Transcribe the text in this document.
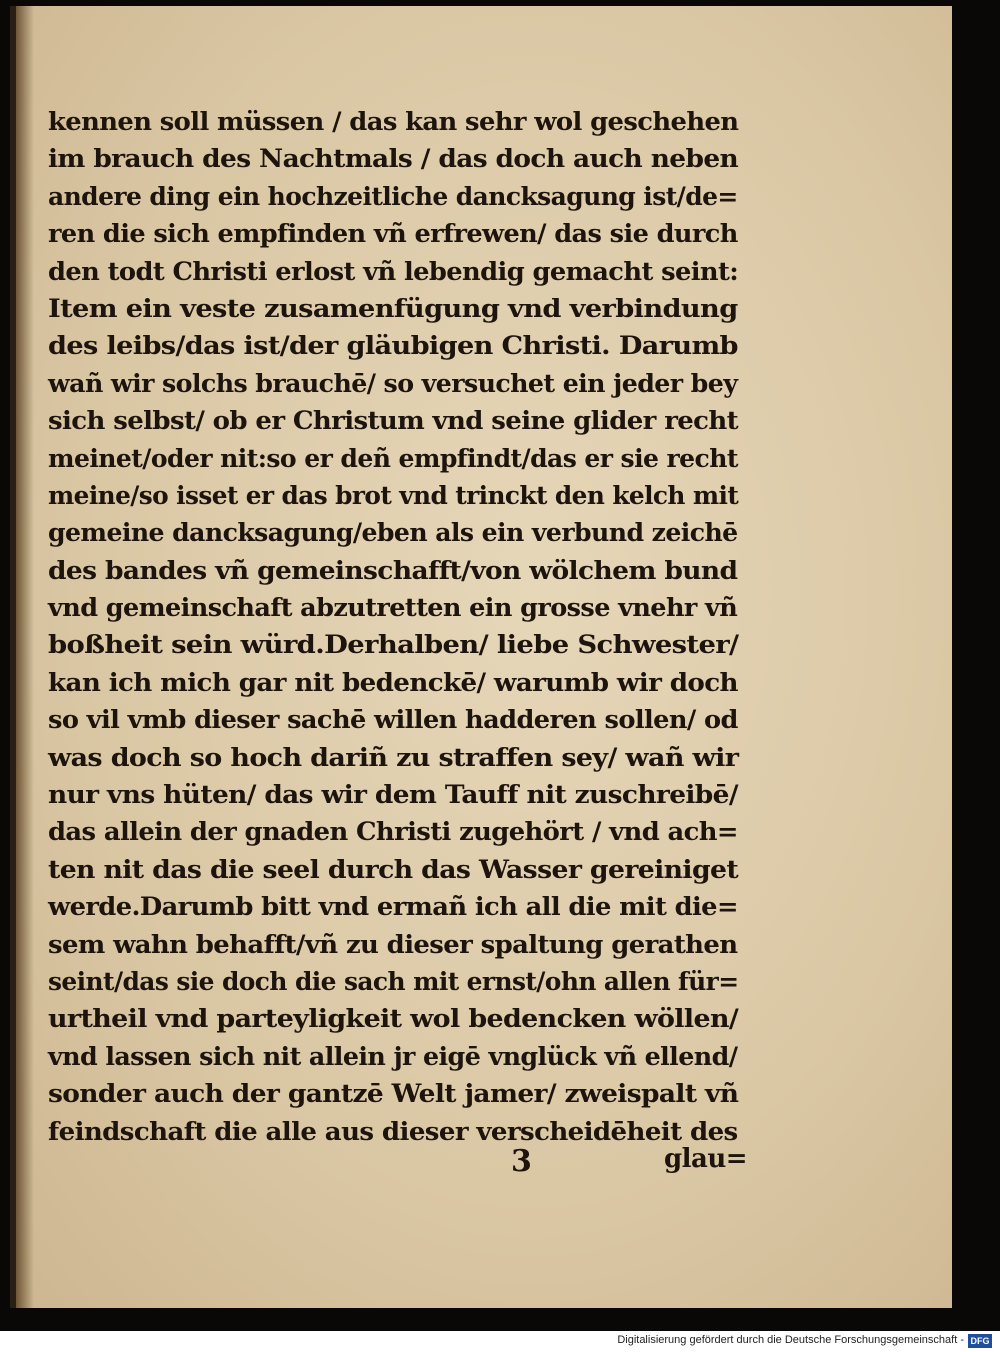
kennen soll müssen / das kan sehr wol geschehen
im brauch des Nachtmals / das doch auch neben
andere ding ein hochzeitliche dancksagung ist/de=
ren die sich empfinden vñ erfrewen/ das sie durch
den todt Christi erlost vñ lebendig gemacht seint:
Item ein veste zusamenfügung vnd verbindung
des leibs/das ist/der gläubigen Christi. Darumb
wañ wir solchs brauchē/ so versuchet ein jeder bey
sich selbst/ ob er Christum vnd seine glider recht
meinet/oder nit:so er deñ empfindt/das er sie recht
meine/so isset er das brot vnd trinckt den kelch mit
gemeine dancksagung/eben als ein verbund zeichē
des bandes vñ gemeinschafft/von wölchem bund
vnd gemeinschaft abzutretten ein grosse vnehr vñ
boßheit sein würd.Derhalben/ liebe Schwester/
kan ich mich gar nit bedenckē/ warumb wir doch
so vil vmb dieser sachē willen hadderen sollen/ od
was doch so hoch dariñ zu straffen sey/ wañ wir
nur vns hüten/ das wir dem Tauff nit zuschreibē/
das allein der gnaden Christi zugehört / vnd ach=
ten nit das die seel durch das Wasser gereiniget
werde.Darumb bitt vnd ermañ ich all die mit die=
sem wahn behafft/vñ zu dieser spaltung gerathen
seint/das sie doch die sach mit ernst/ohn allen für=
urtheil vnd parteyligkeit wol bedencken wöllen/
vnd lassen sich nit allein jr eigē vnglück vñ ellend/
sonder auch der gantzē Welt jamer/ zweispalt vñ
feindschaft die alle aus dieser verscheidēheit des
3	glau=
Digitalisierung gefördert durch die Deutsche Forschungsgemeinschaft - DFG
